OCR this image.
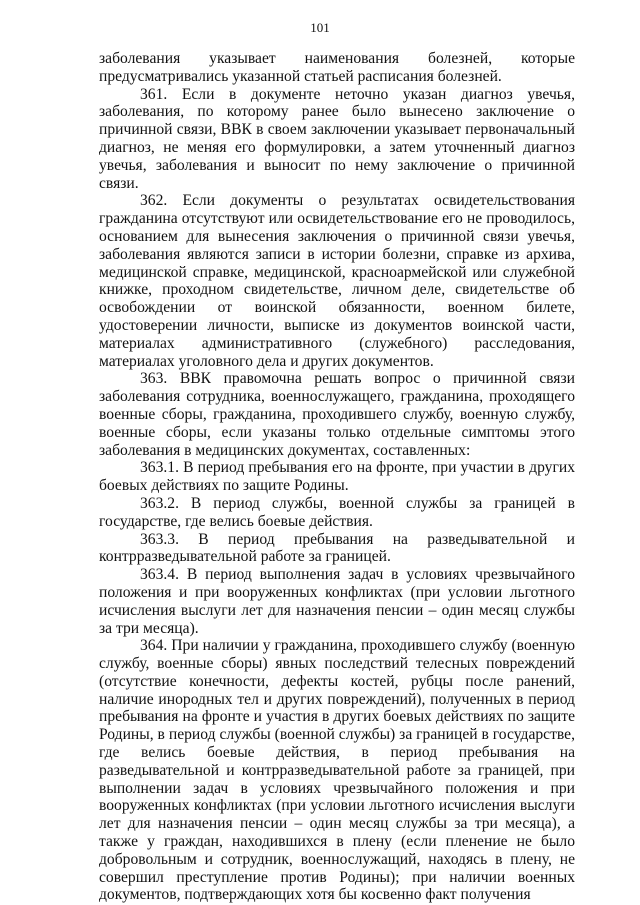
101

заболевания указывает наименования болезней, которые предусматривались указанной статьей расписания болезней.

361. Если в документе неточно указан диагноз увечья, заболевания, по которому ранее было вынесено заключение о причинной связи, ВВК в своем заключении указывает первоначальный диагноз, не меняя его формулировки, а затем уточненный диагноз увечья, заболевания и выносит по нему заключение о причинной связи.

362. Если документы о результатах освидетельствования гражданина отсутствуют или освидетельствование его не проводилось, основанием для вынесения заключения о причинной связи увечья, заболевания являются записи в истории болезни, справке из архива, медицинской справке, медицинской, красноармейской или служебной книжке, проходном свидетельстве, личном деле, свидетельстве об освобождении от воинской обязанности, военном билете, удостоверении личности, выписке из документов воинской части, материалах административного (служебного) расследования, материалах уголовного дела и других документов.

363. ВВК правомочна решать вопрос о причинной связи заболевания сотрудника, военнослужащего, гражданина, проходящего военные сборы, гражданина, проходившего службу, военную службу, военные сборы, если указаны только отдельные симптомы этого заболевания в медицинских документах, составленных:

363.1. В период пребывания его на фронте, при участии в других боевых действиях по защите Родины.

363.2. В период службы, военной службы за границей в государстве, где велись боевые действия.

363.3. В период пребывания на разведывательной и контрразведывательной работе за границей.

363.4. В период выполнения задач в условиях чрезвычайного положения и при вооруженных конфликтах (при условии льготного исчисления выслуги лет для назначения пенсии – один месяц службы за три месяца).

364. При наличии у гражданина, проходившего службу (военную службу, военные сборы) явных последствий телесных повреждений (отсутствие конечности, дефекты костей, рубцы после ранений, наличие инородных тел и других повреждений), полученных в период пребывания на фронте и участия в других боевых действиях по защите Родины, в период службы (военной службы) за границей в государстве, где велись боевые действия, в период пребывания на разведывательной и контрразведывательной работе за границей, при выполнении задач в условиях чрезвычайного положения и при вооруженных конфликтах (при условии льготного исчисления выслуги лет для назначения пенсии – один месяц службы за три месяца), а также у граждан, находившихся в плену (если пленение не было добровольным и сотрудник, военнослужащий, находясь в плену, не совершил преступление против Родины); при наличии военных документов, подтверждающих хотя бы косвенно факт получения
